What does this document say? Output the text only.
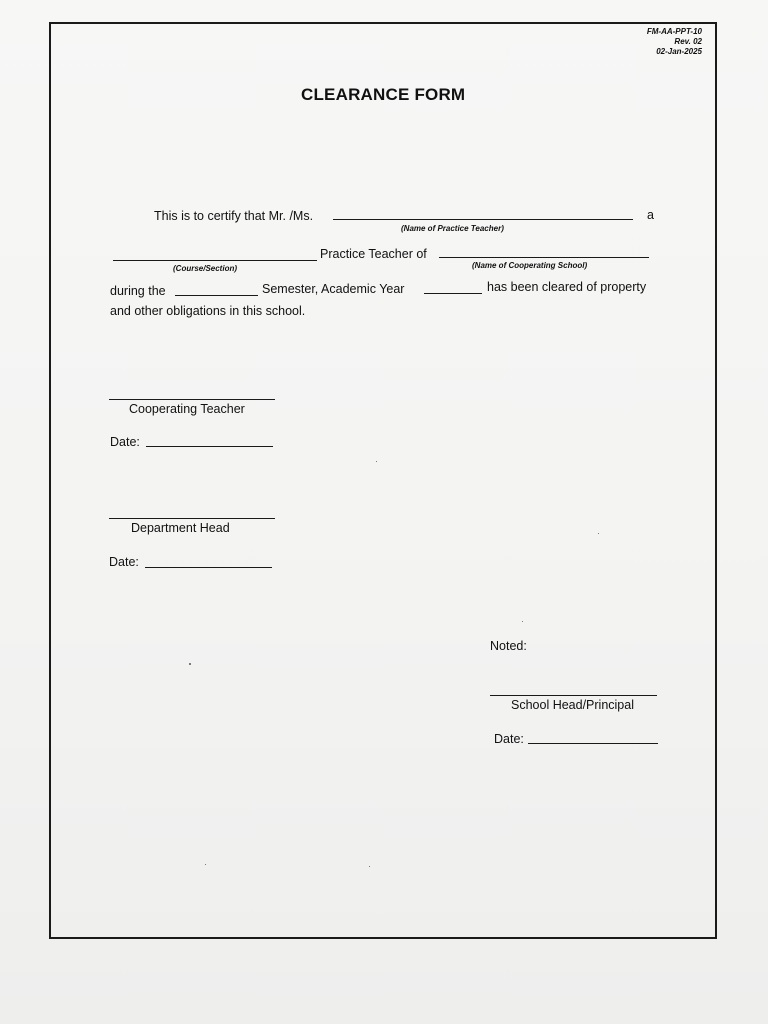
FM-AA-PPT-10
Rev. 02
02-Jan-2025
CLEARANCE FORM
This is to certify that Mr. /Ms.	a
(Name of Practice Teacher)
Practice Teacher of
(Course/Section)	(Name of Cooperating School)
during the	Semester, Academic Year	has been cleared of property
and other obligations in this school.
Cooperating Teacher
Date:
Department Head
Date:
Noted:
School Head/Principal
Date:
